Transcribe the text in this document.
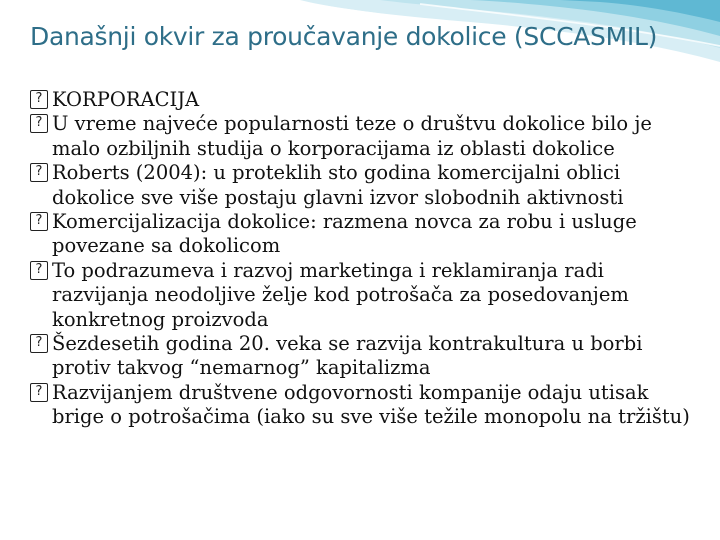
Današnji okvir za proučavanje dokolice (SCCASMIL)
?KORPORACIJA
?U vreme najveće popularnosti teze o društvu dokolice bilo je malo ozbiljnih studija o korporacijama iz oblasti dokolice
?Roberts (2004): u proteklih sto godina komercijalni oblici dokolice sve više postaju glavni izvor slobodnih aktivnosti
?Komercijalizacija dokolice: razmena novca za robu i usluge povezane sa dokolicom
?To podrazumeva i razvoj marketinga i reklamiranja radi razvijanja neodoljive želje kod potrošača za posedovanjem konkretnog proizvoda
?Šezdesetih godina 20. veka se razvija kontrakultura u borbi protiv takvog “nemarnog” kapitalizma
?Razvijanjem društvene odgovornosti kompanije odaju utisak brige o potrošačima (iako su sve više težile monopolu na tržištu)
